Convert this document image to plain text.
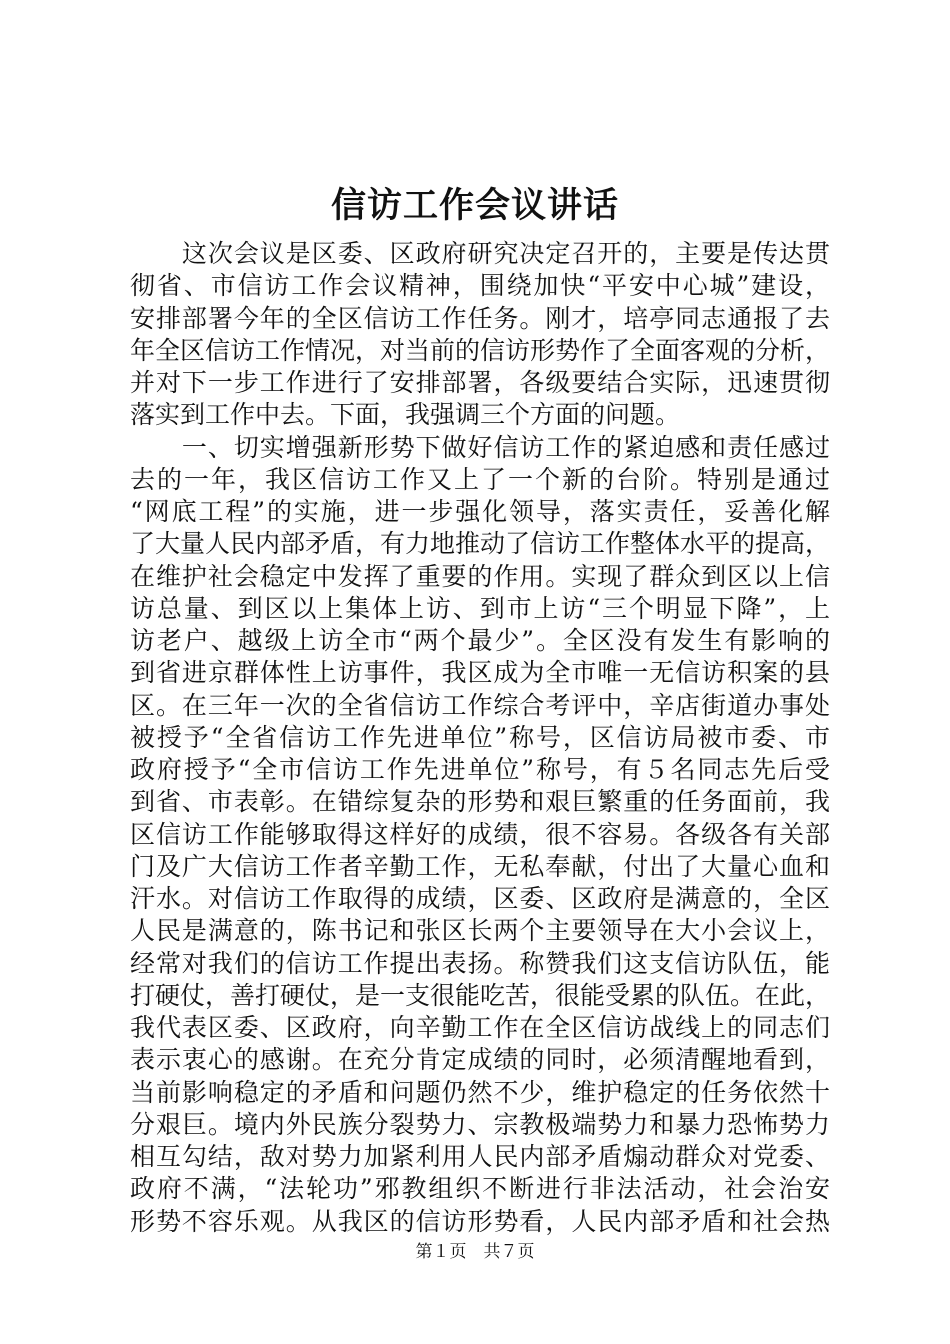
信访工作会议讲话
　　这次会议是区委、区政府研究决定召开的，主要是传达贯
彻省、市信访工作会议精神，围绕加快“平安中心城”建设，
安排部署今年的全区信访工作任务。刚才，培亭同志通报了去
年全区信访工作情况，对当前的信访形势作了全面客观的分析，
并对下一步工作进行了安排部署，各级要结合实际，迅速贯彻
落实到工作中去。下面，我强调三个方面的问题。
　　一、切实增强新形势下做好信访工作的紧迫感和责任感过
去的一年，我区信访工作又上了一个新的台阶。特别是通过
“网底工程”的实施，进一步强化领导，落实责任，妥善化解
了大量人民内部矛盾，有力地推动了信访工作整体水平的提高，
在维护社会稳定中发挥了重要的作用。实现了群众到区以上信
访总量、到区以上集体上访、到市上访“三个明显下降”，上
访老户、越级上访全市“两个最少”。全区没有发生有影响的
到省进京群体性上访事件，我区成为全市唯一无信访积案的县
区。在三年一次的全省信访工作综合考评中，辛店街道办事处
被授予“全省信访工作先进单位”称号，区信访局被市委、市
政府授予“全市信访工作先进单位”称号，有５名同志先后受
到省、市表彰。在错综复杂的形势和艰巨繁重的任务面前，我
区信访工作能够取得这样好的成绩，很不容易。各级各有关部
门及广大信访工作者辛勤工作，无私奉献，付出了大量心血和
汗水。对信访工作取得的成绩，区委、区政府是满意的，全区
人民是满意的，陈书记和张区长两个主要领导在大小会议上，
经常对我们的信访工作提出表扬。称赞我们这支信访队伍，能
打硬仗，善打硬仗，是一支很能吃苦，很能受累的队伍。在此，
我代表区委、区政府，向辛勤工作在全区信访战线上的同志们
表示衷心的感谢。在充分肯定成绩的同时，必须清醒地看到，
当前影响稳定的矛盾和问题仍然不少，维护稳定的任务依然十
分艰巨。境内外民族分裂势力、宗教极端势力和暴力恐怖势力
相互勾结，敌对势力加紧利用人民内部矛盾煽动群众对党委、
政府不满，“法轮功”邪教组织不断进行非法活动，社会治安
形势不容乐观。从我区的信访形势看，人民内部矛盾和社会热
第１页　共７页
